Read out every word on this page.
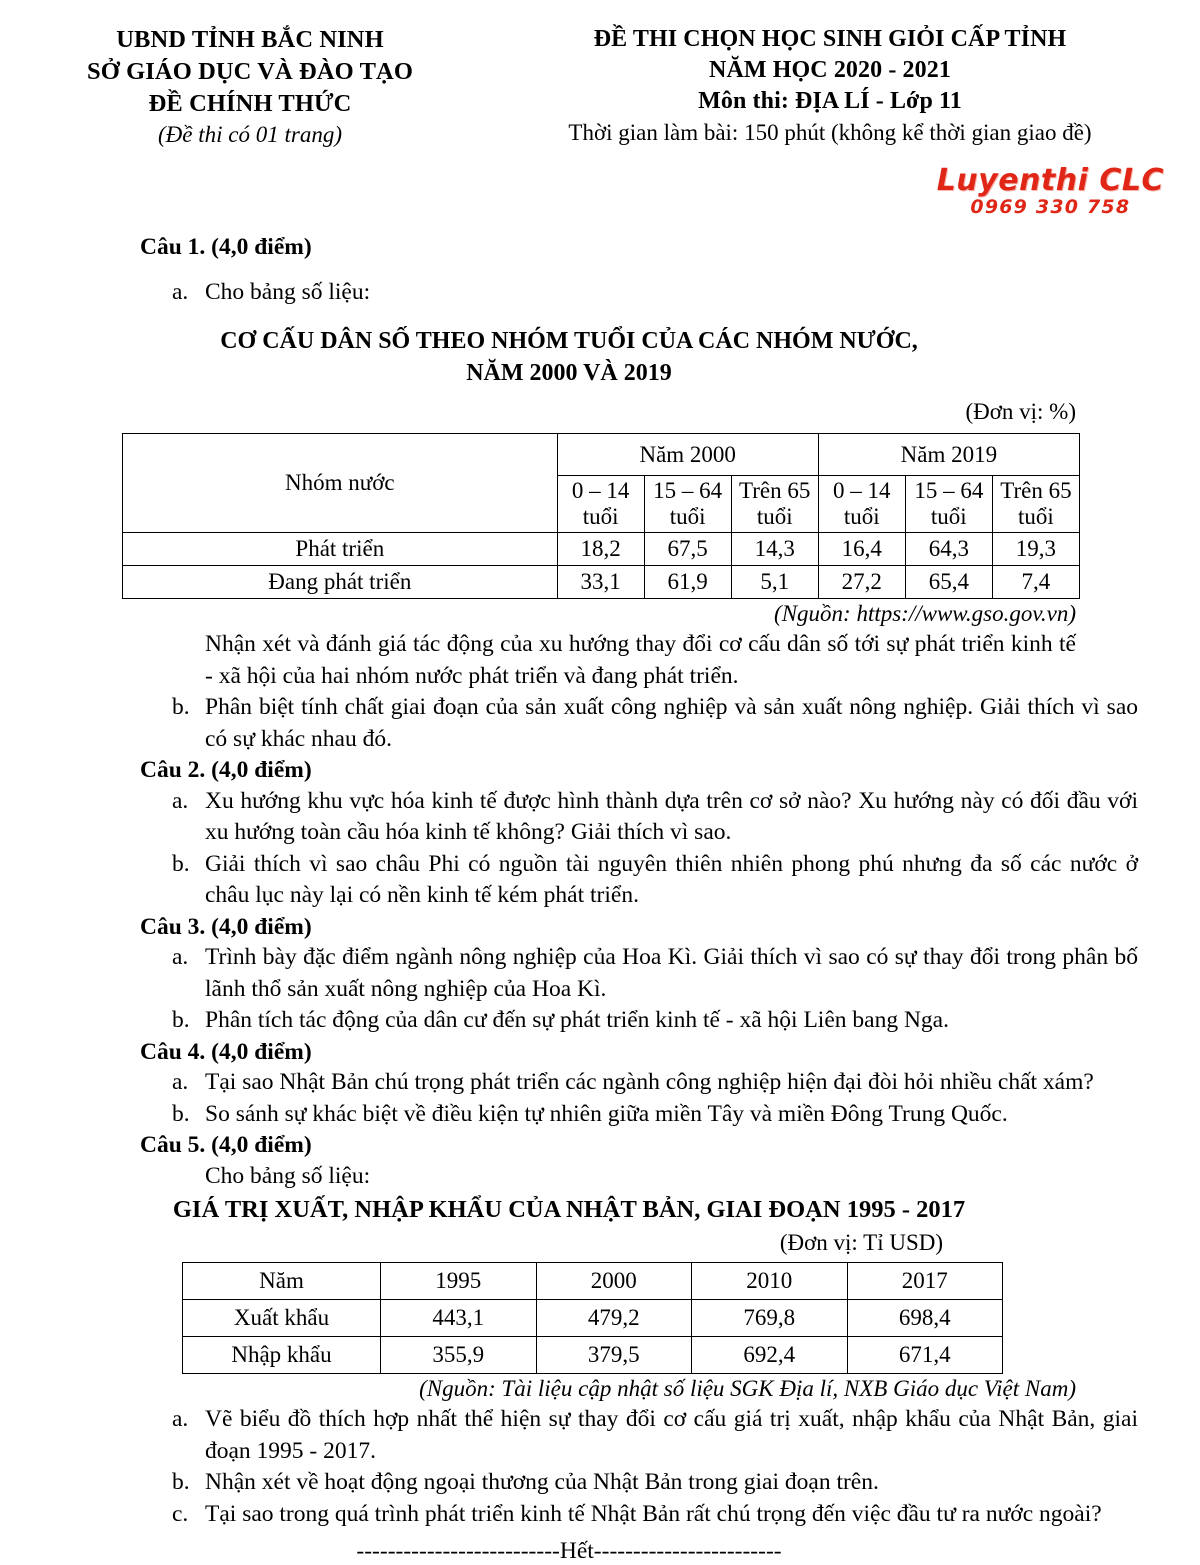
UBND TỈNH BẮC NINH
SỞ GIÁO DỤC VÀ ĐÀO TẠO
ĐỀ CHÍNH THỨC
(Đề thi có 01 trang)
ĐỀ THI CHỌN HỌC SINH GIỎI CẤP TỈNH
NĂM HỌC 2020 - 2021
Môn thi: ĐỊA LÍ - Lớp 11
Thời gian làm bài: 150 phút (không kể thời gian giao đề)
Luyenthi CLC
0969 330 758
Câu 1. (4,0 điểm)
a. Cho bảng số liệu:
CƠ CẤU DÂN SỐ THEO NHÓM TUỔI CỦA CÁC NHÓM NƯỚC,
NĂM 2000 VÀ 2019
(Đơn vị: %)
Nhóm nước	Năm 2000			Năm 2019		
	0 – 14 tuổi	15 – 64 tuổi	Trên 65 tuổi	0 – 14 tuổi	15 – 64 tuổi	Trên 65 tuổi
Phát triển	18,2	67,5	14,3	16,4	64,3	19,3
Đang phát triển	33,1	61,9	5,1	27,2	65,4	7,4
(Nguồn: https://www.gso.gov.vn)
Nhận xét và đánh giá tác động của xu hướng thay đổi cơ cấu dân số tới sự phát triển kinh tế - xã hội của hai nhóm nước phát triển và đang phát triển.
b. Phân biệt tính chất giai đoạn của sản xuất công nghiệp và sản xuất nông nghiệp. Giải thích vì sao có sự khác nhau đó.
Câu 2. (4,0 điểm)
a. Xu hướng khu vực hóa kinh tế được hình thành dựa trên cơ sở nào? Xu hướng này có đối đầu với xu hướng toàn cầu hóa kinh tế không? Giải thích vì sao.
b. Giải thích vì sao châu Phi có nguồn tài nguyên thiên nhiên phong phú nhưng đa số các nước ở châu lục này lại có nền kinh tế kém phát triển.
Câu 3. (4,0 điểm)
a. Trình bày đặc điểm ngành nông nghiệp của Hoa Kì. Giải thích vì sao có sự thay đổi trong phân bố lãnh thổ sản xuất nông nghiệp của Hoa Kì.
b. Phân tích tác động của dân cư đến sự phát triển kinh tế - xã hội Liên bang Nga.
Câu 4. (4,0 điểm)
a. Tại sao Nhật Bản chú trọng phát triển các ngành công nghiệp hiện đại đòi hỏi nhiều chất xám?
b. So sánh sự khác biệt về điều kiện tự nhiên giữa miền Tây và miền Đông Trung Quốc.
Câu 5. (4,0 điểm)
Cho bảng số liệu:
GIÁ TRỊ XUẤT, NHẬP KHẨU CỦA NHẬT BẢN, GIAI ĐOẠN 1995 - 2017
(Đơn vị: Tỉ USD)
Năm	1995	2000	2010	2017
Xuất khẩu	443,1	479,2	769,8	698,4
Nhập khẩu	355,9	379,5	692,4	671,4
(Nguồn: Tài liệu cập nhật số liệu SGK Địa lí, NXB Giáo dục Việt Nam)
a. Vẽ biểu đồ thích hợp nhất thể hiện sự thay đổi cơ cấu giá trị xuất, nhập khẩu của Nhật Bản, giai đoạn 1995 - 2017.
b. Nhận xét về hoạt động ngoại thương của Nhật Bản trong giai đoạn trên.
c. Tại sao trong quá trình phát triển kinh tế Nhật Bản rất chú trọng đến việc đầu tư ra nước ngoài?
--------------------------Hết------------------------
